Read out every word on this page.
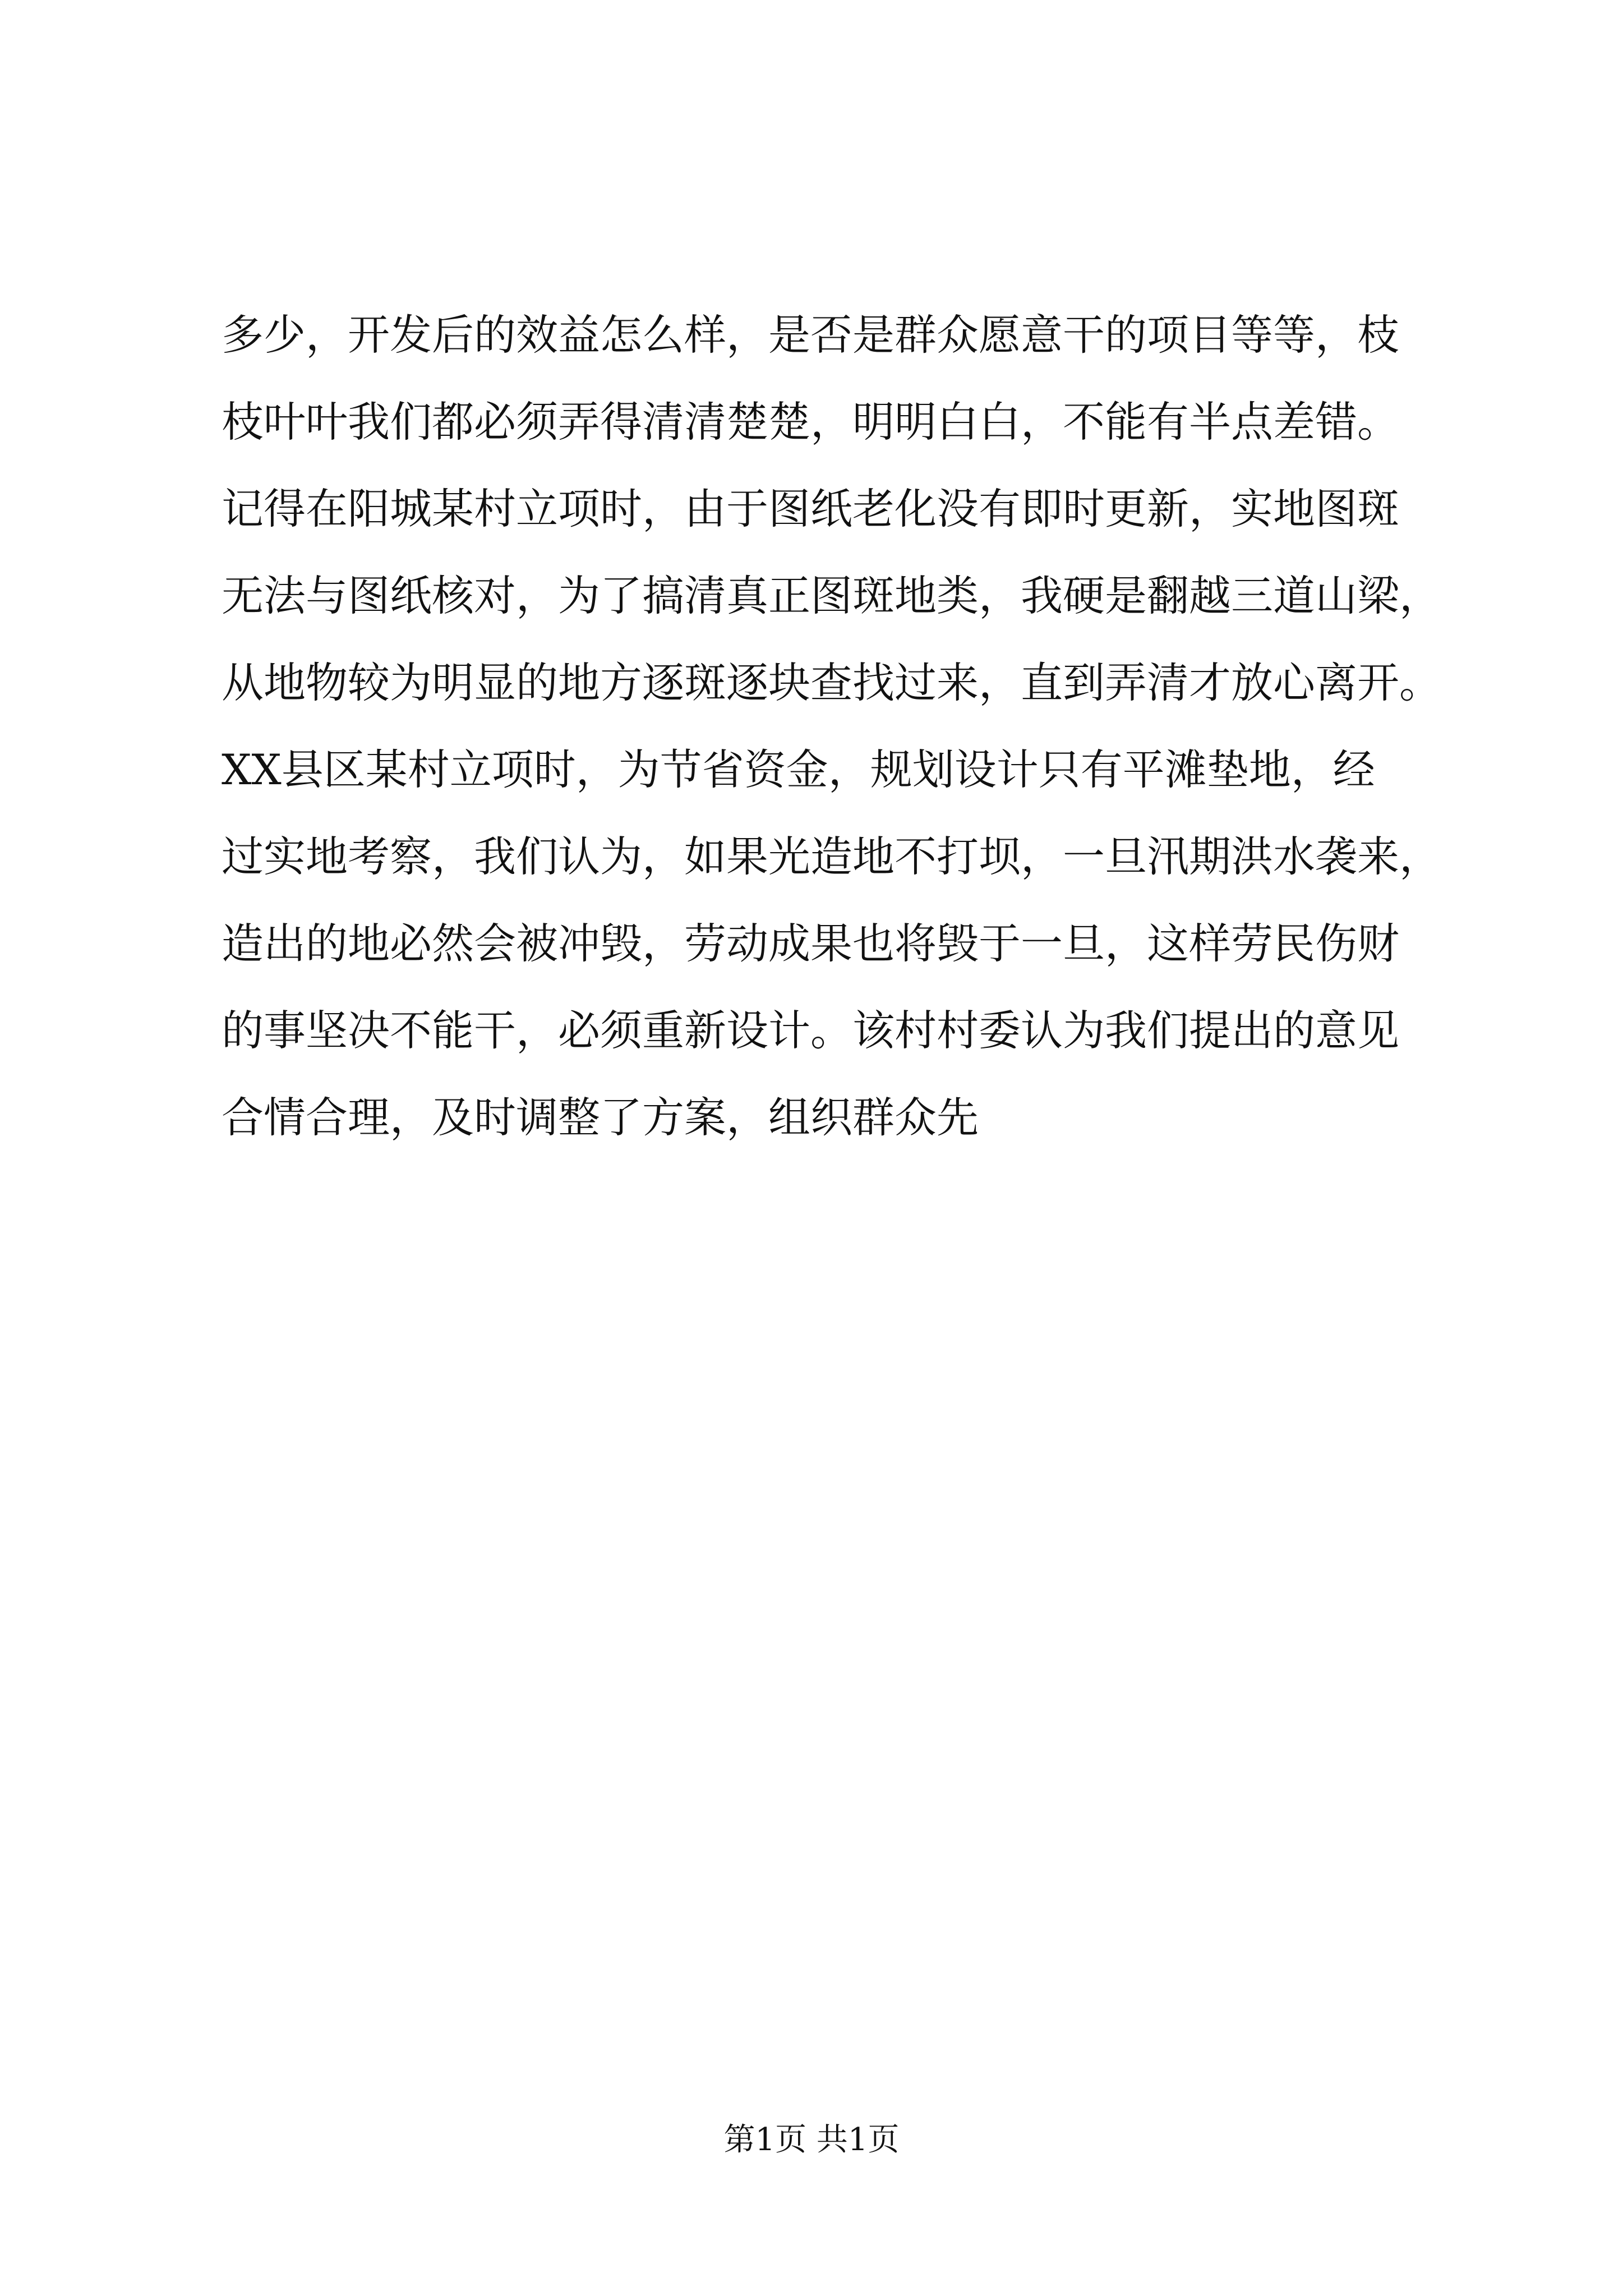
多少，开发后的效益怎么样，是否是群众愿意干的项目等等，枝
枝叶叶我们都必须弄得清清楚楚，明明白白，不能有半点差错。
记得在阳城某村立项时，由于图纸老化没有即时更新，实地图斑
无法与图纸核对，为了搞清真正图斑地类，我硬是翻越三道山梁，
从地物较为明显的地方逐斑逐块查找过来，直到弄清才放心离开。
XX县区某村立项时，为节省资金，规划设计只有平滩垫地，经
过实地考察，我们认为，如果光造地不打坝，一旦汛期洪水袭来，
造出的地必然会被冲毁，劳动成果也将毁于一旦，这样劳民伤财
的事坚决不能干，必须重新设计。该村村委认为我们提出的意见
合情合理，及时调整了方案，组织群众先
第1页 共1页
